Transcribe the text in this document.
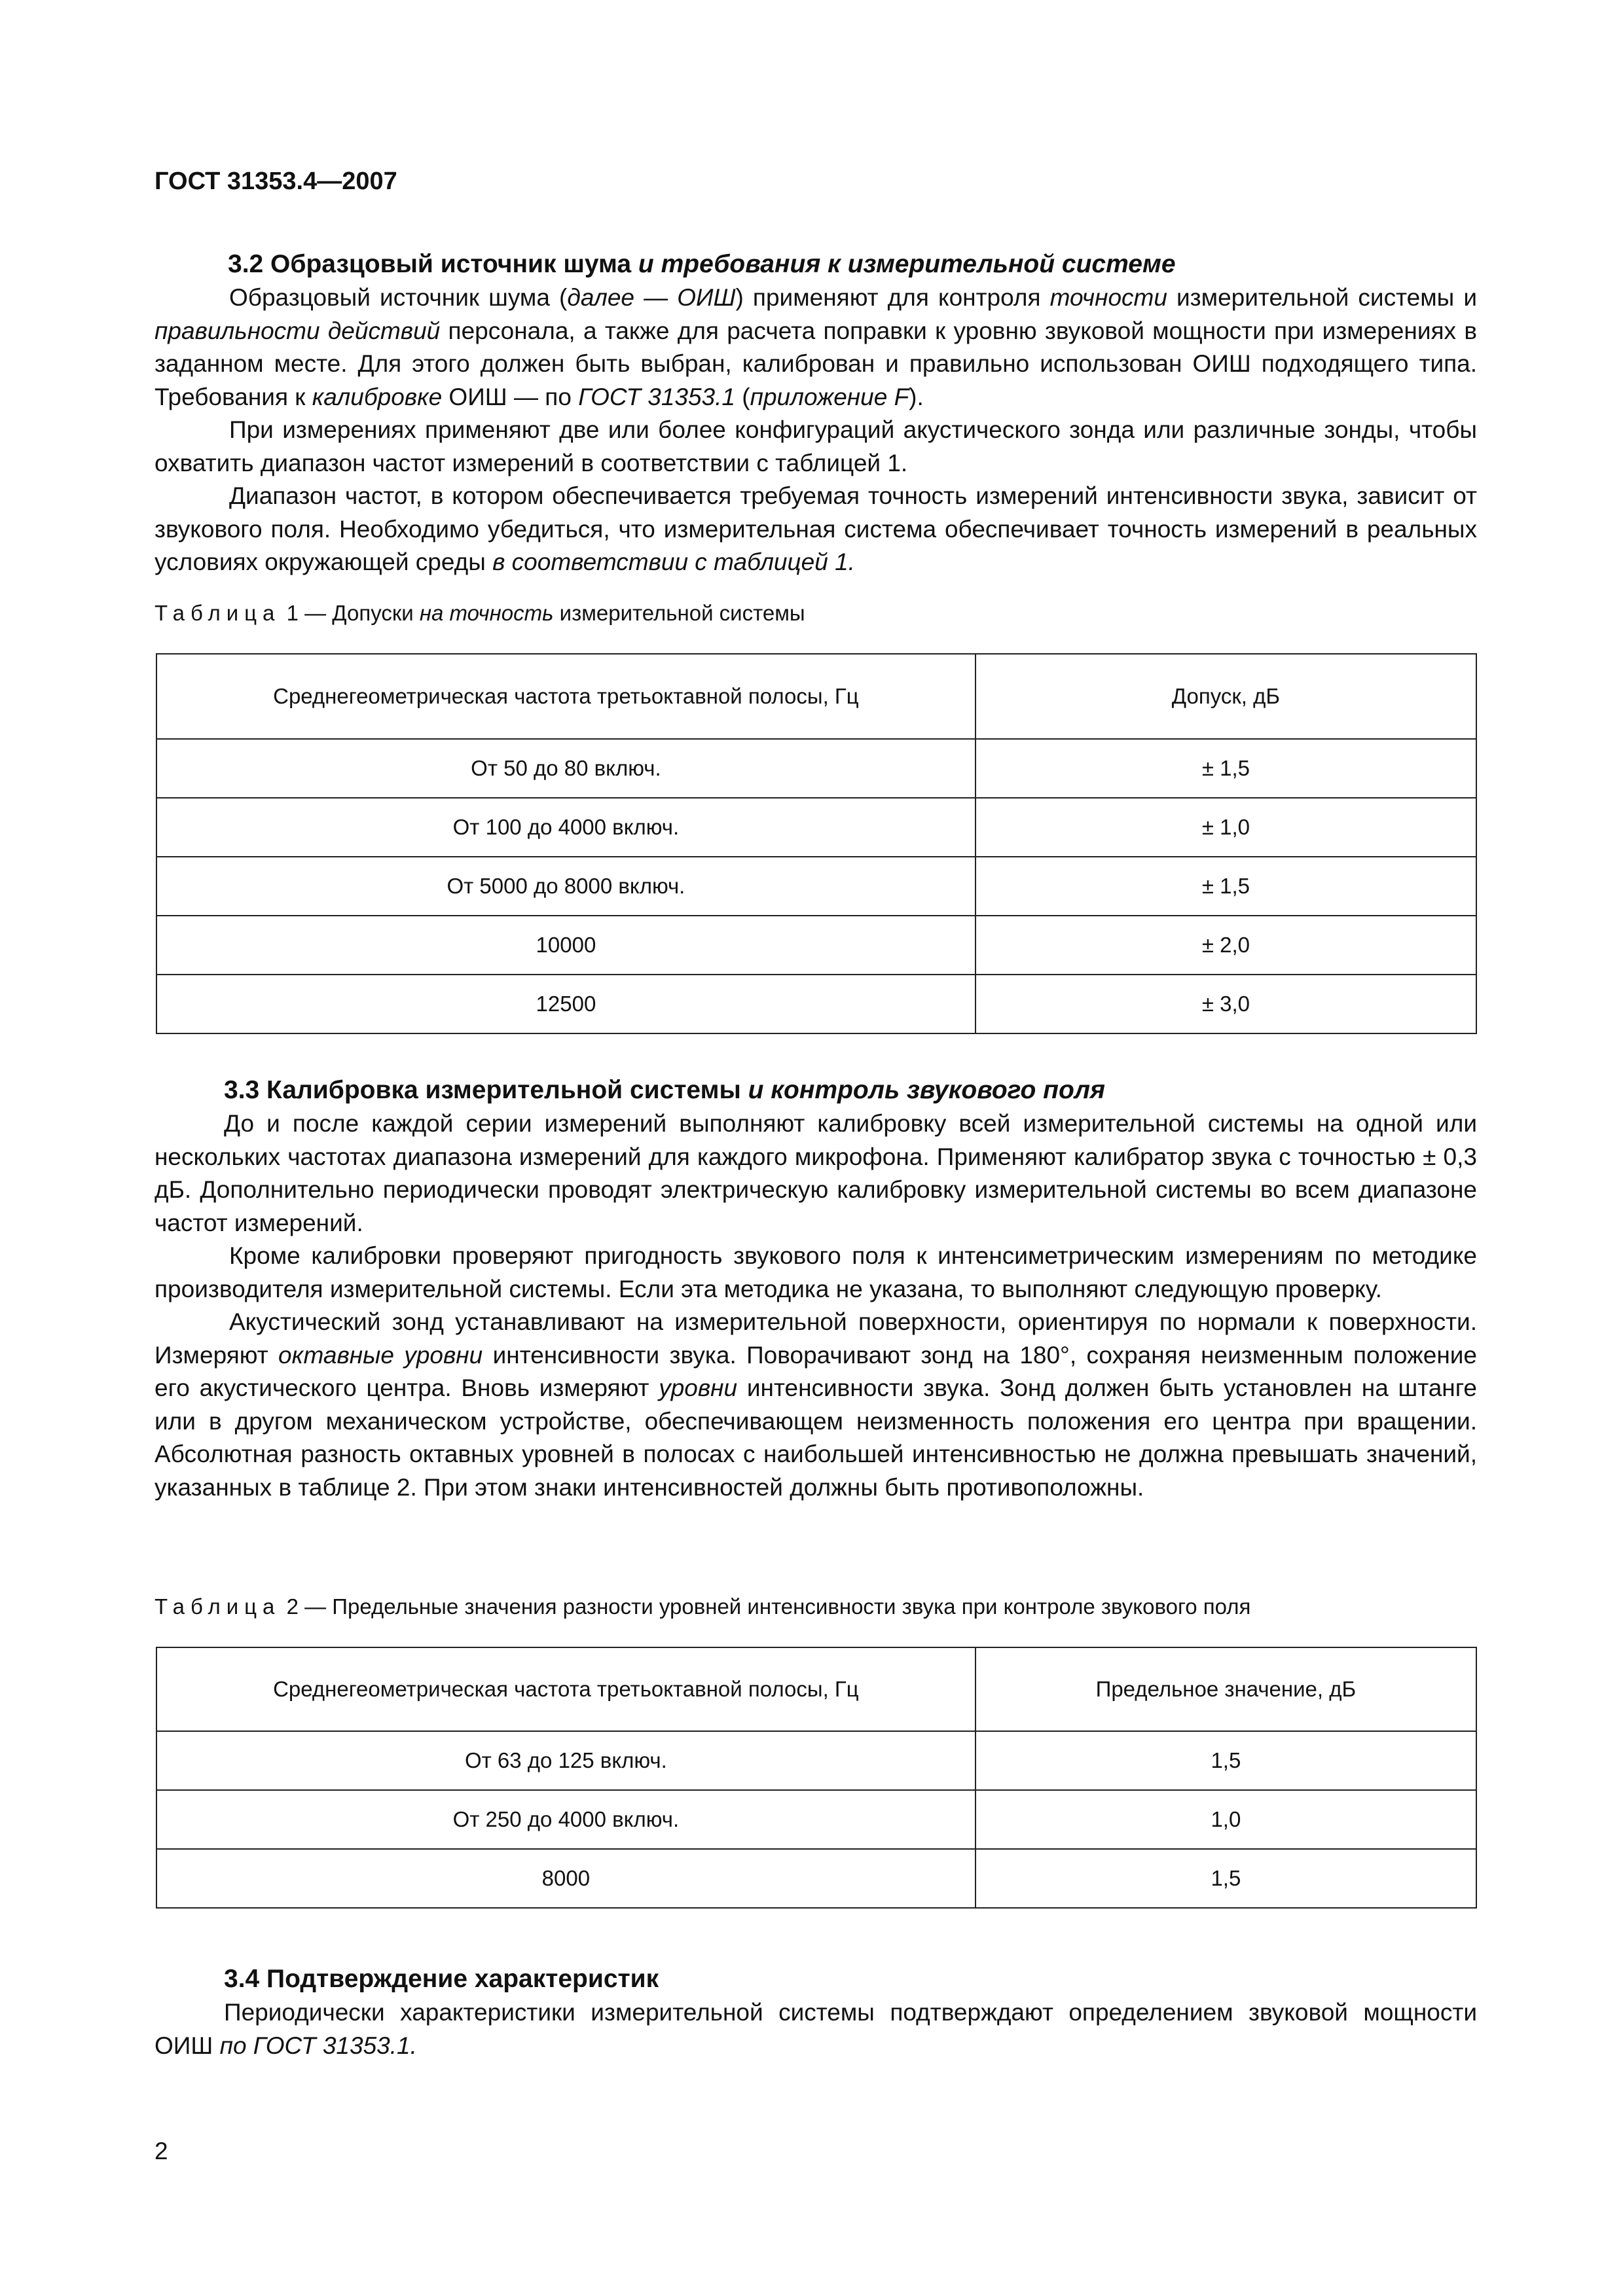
ГОСТ 31353.4—2007
3.2 Образцовый источник шума и требования к измерительной системе

Образцовый источник шума (далее — ОИШ) применяют для контроля точности измерительной системы и правильности действий персонала, а также для расчета поправки к уровню звуковой мощности при измерениях в заданном месте. Для этого должен быть выбран, калиброван и правильно использован ОИШ подходящего типа. Требования к калибровке ОИШ — по ГОСТ 31353.1 (приложение F).

При измерениях применяют две или более конфигураций акустического зонда или различные зонды, чтобы охватить диапазон частот измерений в соответствии с таблицей 1.

Диапазон частот, в котором обеспечивается требуемая точность измерений интенсивности звука, зависит от звукового поля. Необходимо убедиться, что измерительная система обеспечивает точность измерений в реальных условиях окружающей среды в соответствии с таблицей 1.

Таблица 1 — Допуски на точность измерительной системы
Среднегеометрическая частота третьоктавной полосы, Гц	Допуск, дБ
От 50 до 80 включ.	± 1,5
От 100 до 4000 включ.	± 1,0
От 5000 до 8000 включ.	± 1,5
10000	± 2,0
12500	± 3,0
3.3 Калибровка измерительной системы и контроль звукового поля

До и после каждой серии измерений выполняют калибровку всей измерительной системы на одной или нескольких частотах диапазона измерений для каждого микрофона. Применяют калибратор звука с точностью ± 0,3 дБ. Дополнительно периодически проводят электрическую калибровку измерительной системы во всем диапазоне частот измерений.

Кроме калибровки проверяют пригодность звукового поля к интенсиметрическим измерениям по методике производителя измерительной системы. Если эта методика не указана, то выполняют следующую проверку.

Акустический зонд устанавливают на измерительной поверхности, ориентируя по нормали к поверхности. Измеряют октавные уровни интенсивности звука. Поворачивают зонд на 180°, сохраняя неизменным положение его акустического центра. Вновь измеряют уровни интенсивности звука. Зонд должен быть установлен на штанге или в другом механическом устройстве, обеспечивающем неизменность положения его центра при вращении. Абсолютная разность октавных уровней в полосах с наибольшей интенсивностью не должна превышать значений, указанных в таблице 2. При этом знаки интенсивностей должны быть противоположны.

Таблица 2 — Предельные значения разности уровней интенсивности звука при контроле звукового поля
Среднегеометрическая частота третьоктавной полосы, Гц	Предельное значение, дБ
От 63 до 125 включ.	1,5
От 250 до 4000 включ.	1,0
8000	1,5
3.4 Подтверждение характеристик

Периодически характеристики измерительной системы подтверждают определением звуковой мощности ОИШ по ГОСТ 31353.1.

2
